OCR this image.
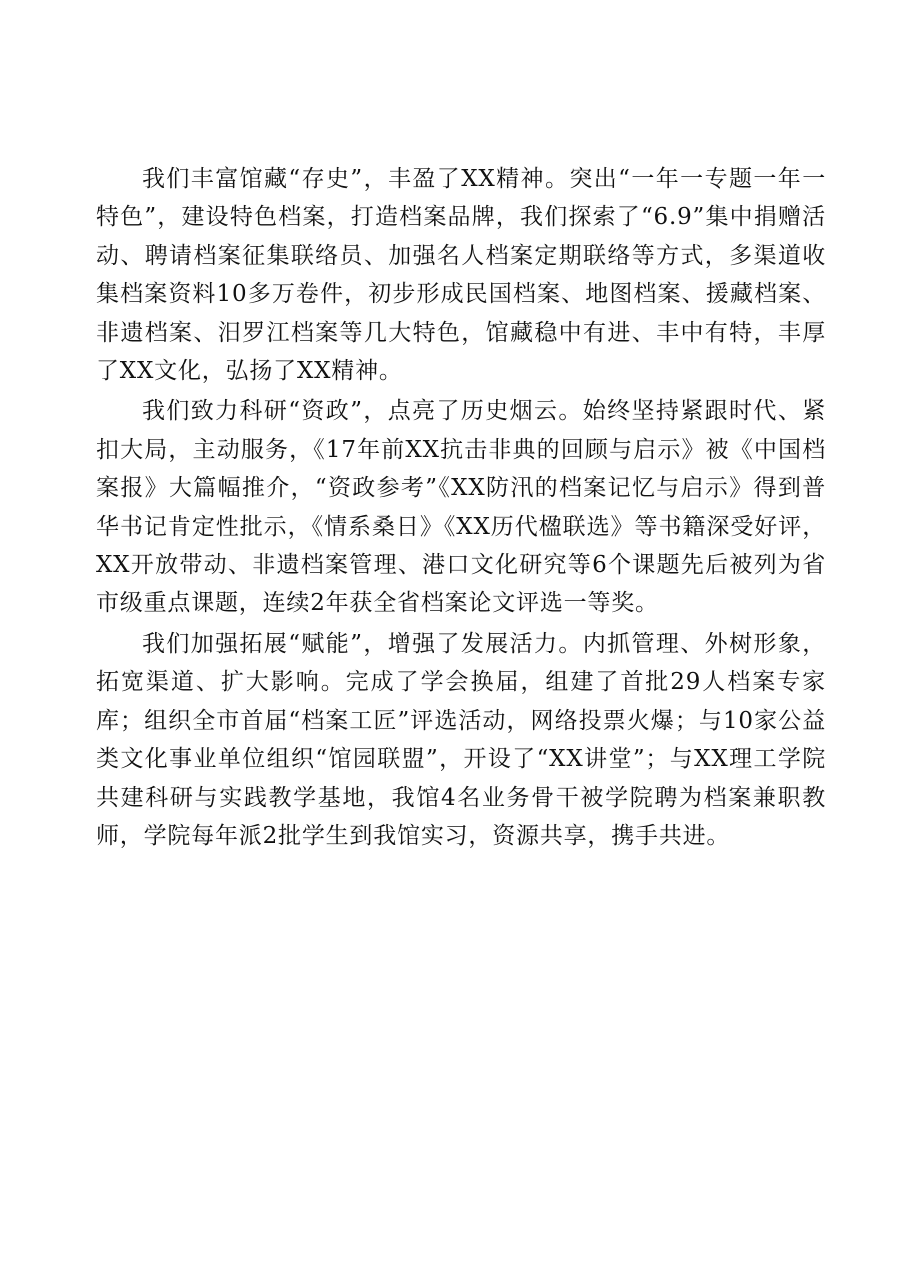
我们丰富馆藏“存史”，丰盈了XX精神。突出“一年一专题一年一特色”，建设特色档案，打造档案品牌，我们探索了“6.9”集中捐赠活动、聘请档案征集联络员、加强名人档案定期联络等方式，多渠道收集档案资料10多万卷件，初步形成民国档案、地图档案、援藏档案、非遗档案、汨罗江档案等几大特色，馆藏稳中有进、丰中有特，丰厚了XX文化，弘扬了XX精神。

我们致力科研“资政”，点亮了历史烟云。始终坚持紧跟时代、紧扣大局，主动服务，《17年前XX抗击非典的回顾与启示》被《中国档案报》大篇幅推介，“资政参考”《XX防汛的档案记忆与启示》得到普华书记肯定性批示，《情系桑日》《XX历代楹联选》等书籍深受好评，XX开放带动、非遗档案管理、港口文化研究等6个课题先后被列为省市级重点课题，连续2年获全省档案论文评选一等奖。

我们加强拓展“赋能”，增强了发展活力。内抓管理、外树形象，拓宽渠道、扩大影响。完成了学会换届，组建了首批29人档案专家库；组织全市首届“档案工匠”评选活动，网络投票火爆；与10家公益类文化事业单位组织“馆园联盟”，开设了“XX讲堂”；与XX理工学院共建科研与实践教学基地，我馆4名业务骨干被学院聘为档案兼职教师，学院每年派2批学生到我馆实习，资源共享，携手共进。
